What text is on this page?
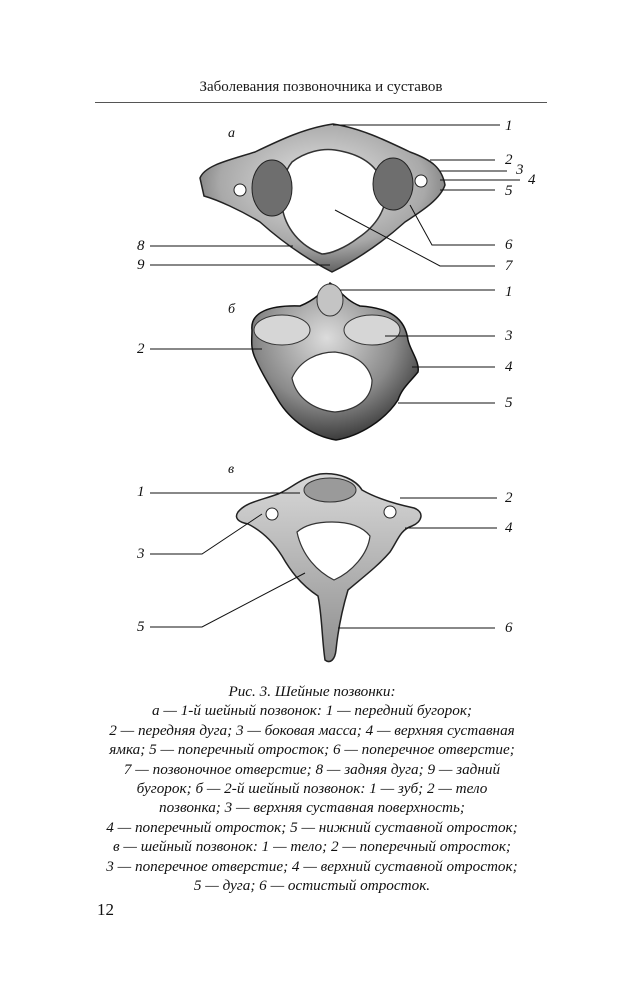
Заболевания позвоночника и суставов
а
б
в
1
2
3
4
5
6
7
8
9
1
2
3
4
5
1	2
3
4
5	6
Рис. 3. Шейные позвонки:
а — 1-й шейный позвонок: 1 — передний бугорок;
2 — передняя дуга; 3 — боковая масса; 4 — верхняя суставная
ямка; 5 — поперечный отросток; 6 — поперечное отверстие;
7 — позвоночное отверстие; 8 — задняя дуга; 9 — задний
бугорок; б — 2-й шейный позвонок: 1 — зуб; 2 — тело
позвонка; 3 — верхняя суставная поверхность;
4 — поперечный отросток; 5 — нижний суставной отросток;
в — шейный позвонок: 1 — тело; 2 — поперечный отросток;
3 — поперечное отверстие; 4 — верхний суставной отросток;
5 — дуга; 6 — остистый отросток.
12
